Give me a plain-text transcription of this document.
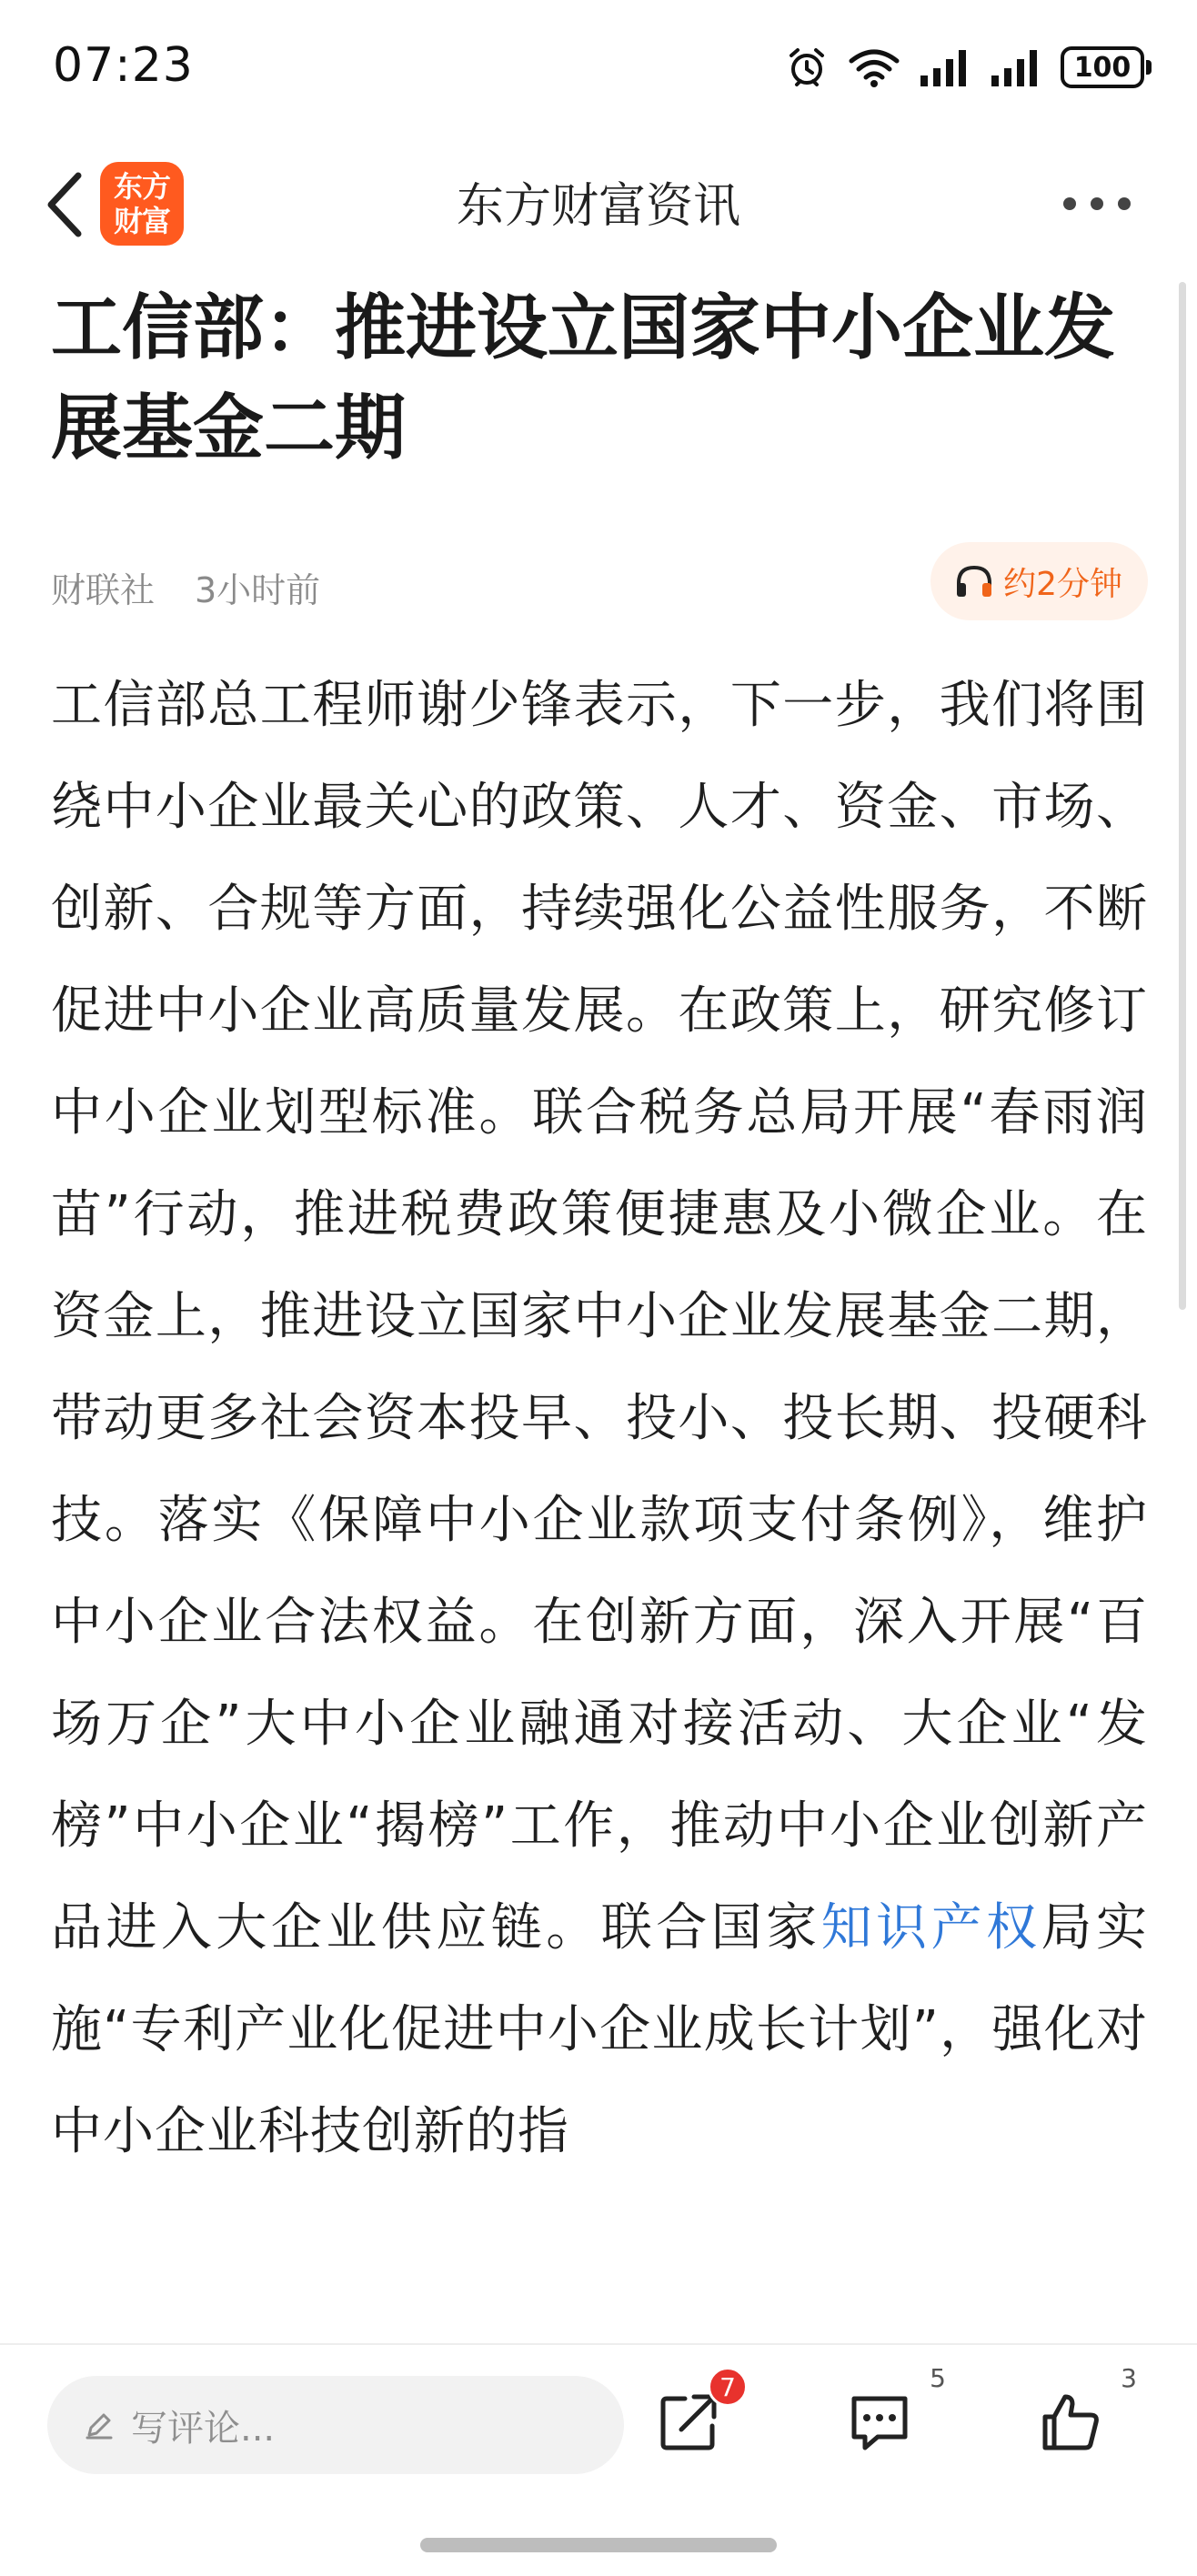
07:23	100
东方
财富	东方财富资讯
工信部：推进设立国家中小企业发展基金二期
财联社 3小时前	约2分钟

工信部总工程师谢少锋表示，下一步，我们将围绕中小企业最关心的政策、人才、资金、市场、创新、合规等方面，持续强化公益性服务，不断促进中小企业高质量发展。在政策上，研究修订中小企业划型标准。联合税务总局开展“春雨润苗”行动，推进税费政策便捷惠及小微企业。在资金上，推进设立国家中小企业发展基金二期，带动更多社会资本投早、投小、投长期、投硬科技。落实《保障中小企业款项支付条例》，维护中小企业合法权益。在创新方面，深入开展“百场万企”大中小企业融通对接活动、大企业“发榜”中小企业“揭榜”工作，推动中小企业创新产品进入大企业供应链。联合国家知识产权局实施“专利产业化促进中小企业成长计划”，强化对中小企业科技创新的指

写评论...
7	5	3
